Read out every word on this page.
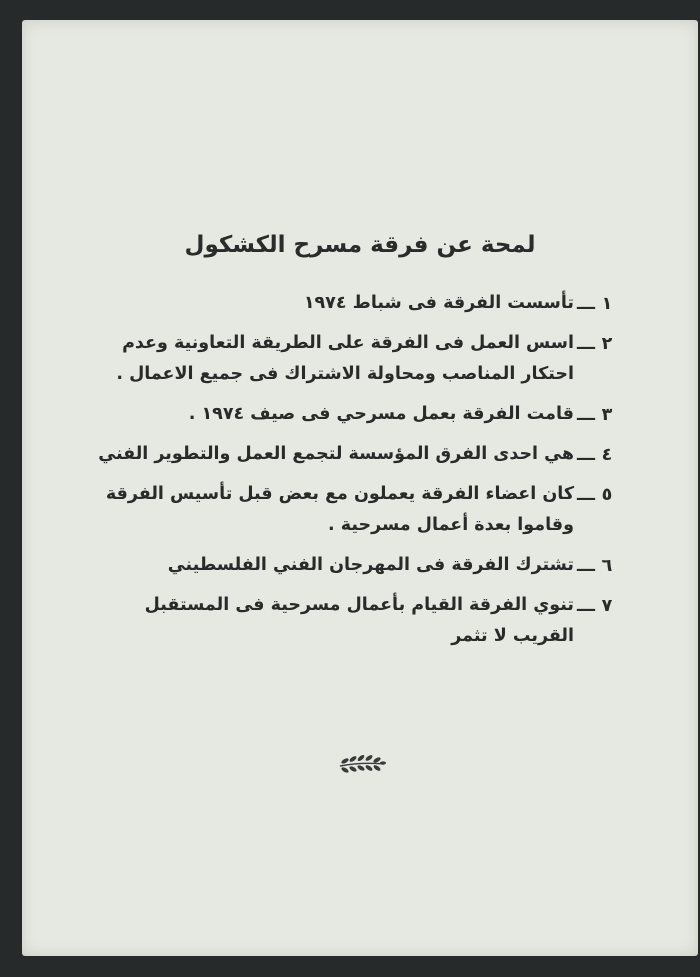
لمحة عن فرقة مسرح الكشكول
١
ـــ
تأسست الفرقة فى شباط ١٩٧٤
٢
ـــ
اسس العمل فى الفرقة على الطريقة التعاونية وعدم احتكار المناصب ومحاولة الاشتراك فى جميع الاعمال .
٣
ـــ
قامت الفرقة بعمل مسرحي فى صيف ١٩٧٤ .
٤
ـــ
هي احدى الفرق المؤسسة لتجمع العمل والتطوير الفني
٥
ـــ
كان اعضاء الفرقة يعملون مع بعض قبل تأسيس الفرقة وقاموا بعدة أعمال مسرحية .
٦
ـــ
تشترك الفرقة فى المهرجان الفني الفلسطيني
٧
ـــ
تنوي الفرقة القيام بأعمال مسرحية فى المستقبل القريب لا تثمر
